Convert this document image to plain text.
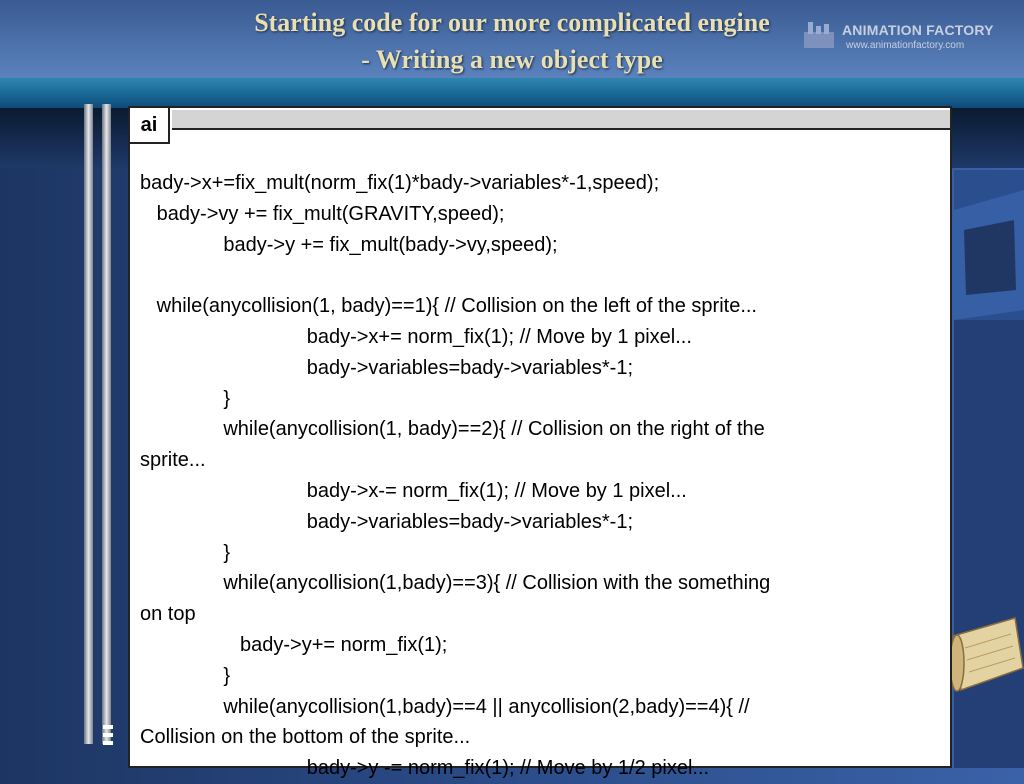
Starting code for our more complicated engine
- Writing a new object type
ANIMATION FACTORY
www.animationfactory.com
ai
bady->x+=fix_mult(norm_fix(1)*bady->variables*-1,speed);
bady->vy += fix_mult(GRAVITY,speed);
bady->y += fix_mult(bady->vy,speed);

while(anycollision(1, bady)==1){ // Collision on the left of the sprite...
bady->x+= norm_fix(1); // Move by 1 pixel...
bady->variables=bady->variables*-1;
}
while(anycollision(1, bady)==2){ // Collision on the right of the
sprite...
bady->x-= norm_fix(1); // Move by 1 pixel...
bady->variables=bady->variables*-1;
}
while(anycollision(1,bady)==3){ // Collision with the something
on top
bady->y+= norm_fix(1);
}
while(anycollision(1,bady)==4 || anycollision(2,bady)==4){ //
Collision on the bottom of the sprite...
bady->y -= norm_fix(1); // Move by 1/2 pixel...
